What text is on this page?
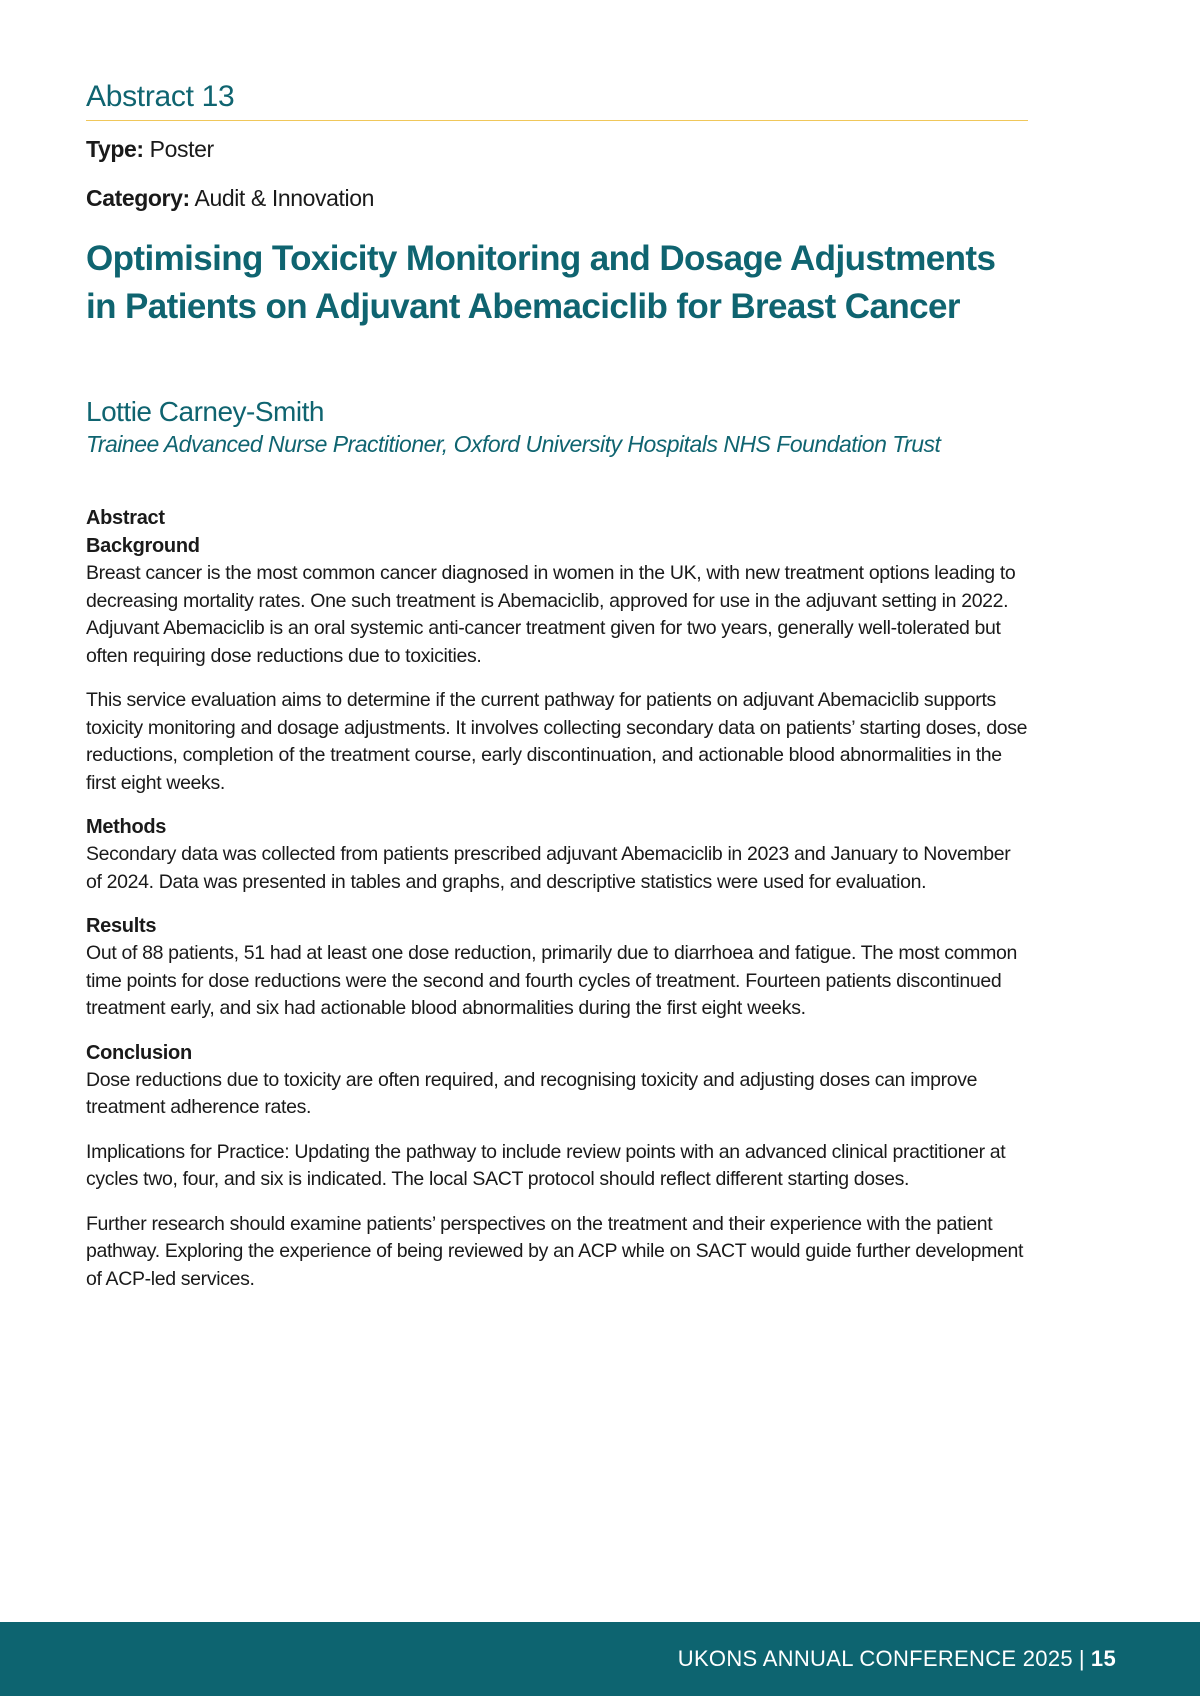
Abstract 13
Type: Poster
Category: Audit & Innovation
Optimising Toxicity Monitoring and Dosage Adjustments in Patients on Adjuvant Abemaciclib for Breast Cancer
Lottie Carney-Smith
Trainee Advanced Nurse Practitioner, Oxford University Hospitals NHS Foundation Trust
Abstract
Background

Breast cancer is the most common cancer diagnosed in women in the UK, with new treatment options leading to decreasing mortality rates. One such treatment is Abemaciclib, approved for use in the adjuvant setting in 2022. Adjuvant Abemaciclib is an oral systemic anti-cancer treatment given for two years, generally well-tolerated but often requiring dose reductions due to toxicities.

This service evaluation aims to determine if the current pathway for patients on adjuvant Abemaciclib supports toxicity monitoring and dosage adjustments. It involves collecting secondary data on patients’ starting doses, dose reductions, completion of the treatment course, early discontinuation, and actionable blood abnormalities in the first eight weeks.

Methods

Secondary data was collected from patients prescribed adjuvant Abemaciclib in 2023 and January to November of 2024. Data was presented in tables and graphs, and descriptive statistics were used for evaluation.

Results

Out of 88 patients, 51 had at least one dose reduction, primarily due to diarrhoea and fatigue. The most common time points for dose reductions were the second and fourth cycles of treatment. Fourteen patients discontinued treatment early, and six had actionable blood abnormalities during the first eight weeks.

Conclusion

Dose reductions due to toxicity are often required, and recognising toxicity and adjusting doses can improve treatment adherence rates.

Implications for Practice: Updating the pathway to include review points with an advanced clinical practitioner at cycles two, four, and six is indicated. The local SACT protocol should reflect different starting doses.

Further research should examine patients’ perspectives on the treatment and their experience with the patient pathway. Exploring the experience of being reviewed by an ACP while on SACT would guide further development of ACP-led services.

UKONS ANNUAL CONFERENCE 2025 | 15
